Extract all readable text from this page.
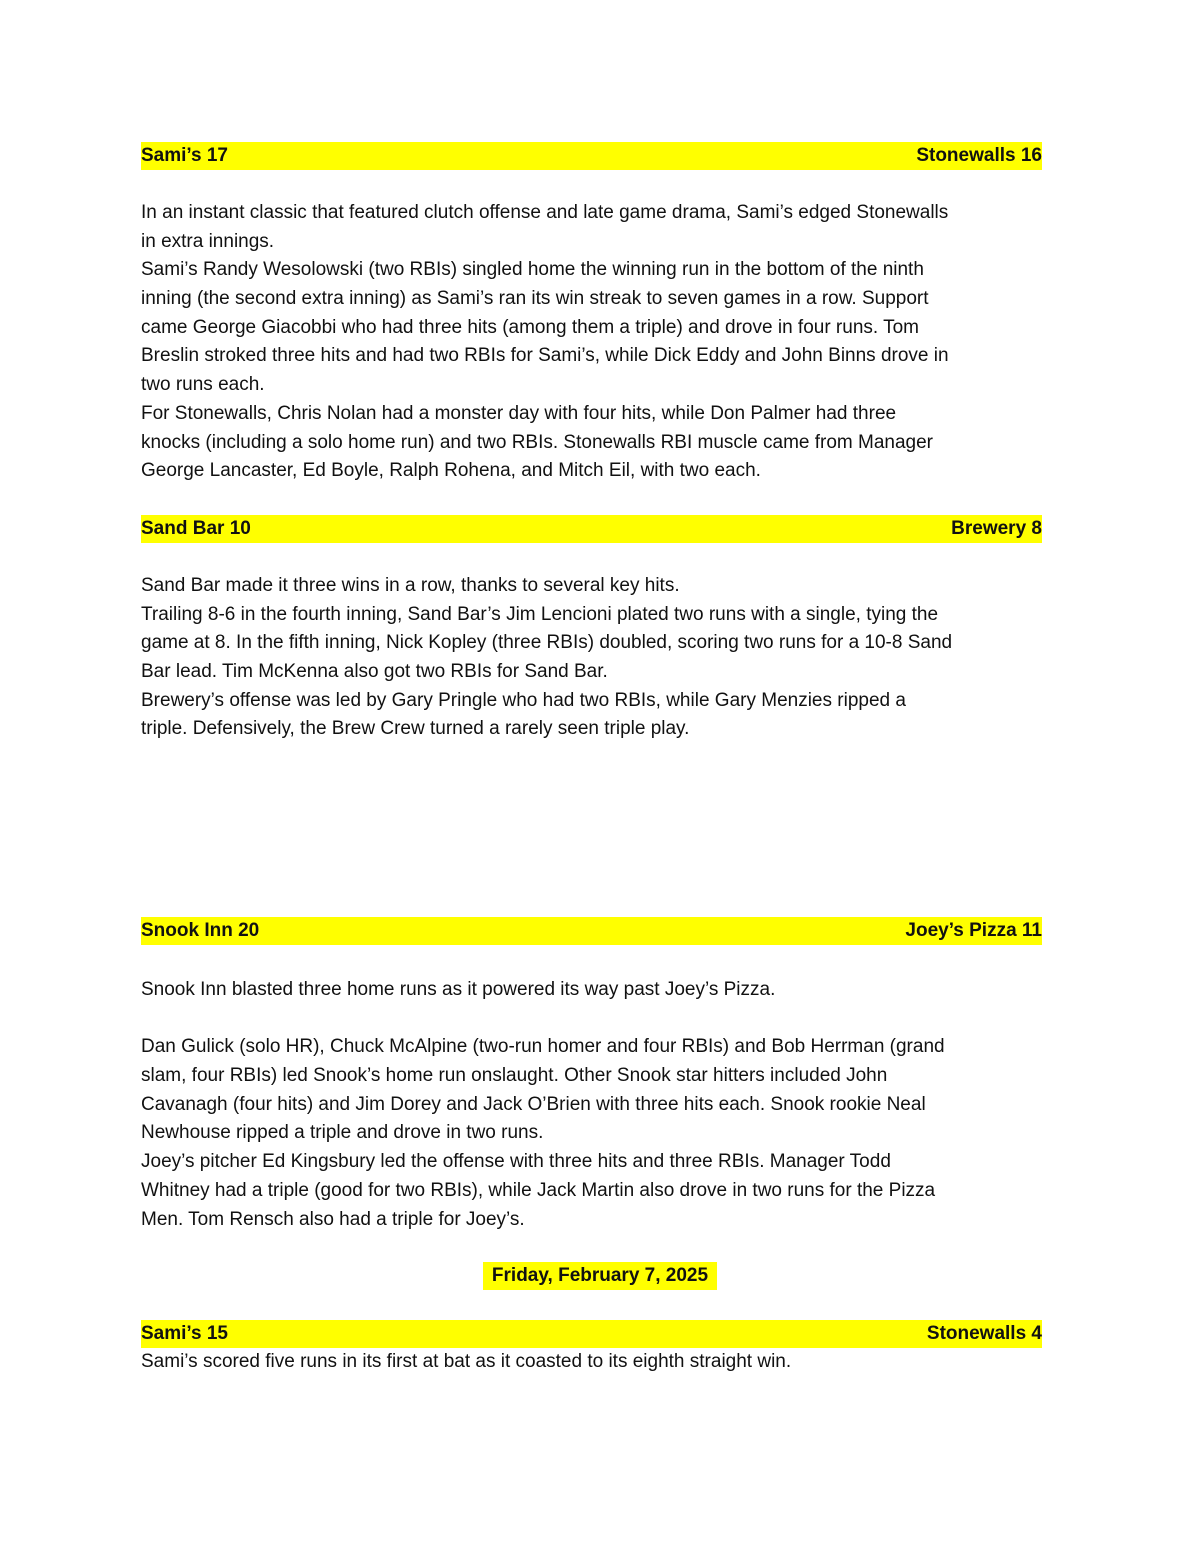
Sami’s 17	Stonewalls 16
In an instant classic that featured clutch offense and late game drama, Sami’s edged Stonewalls
in extra innings.
Sami’s Randy Wesolowski (two RBIs) singled home the winning run in the bottom of the ninth
inning (the second extra inning) as Sami’s ran its win streak to seven games in a row. Support
came George Giacobbi who had three hits (among them a triple) and drove in four runs. Tom
Breslin stroked three hits and had two RBIs for Sami’s, while Dick Eddy and John Binns drove in
two runs each.
For Stonewalls, Chris Nolan had a monster day with four hits, while Don Palmer had three
knocks (including a solo home run) and two RBIs. Stonewalls RBI muscle came from Manager
George Lancaster, Ed Boyle, Ralph Rohena, and Mitch Eil, with two each.
Sand Bar 10	Brewery 8
Sand Bar made it three wins in a row, thanks to several key hits.
Trailing 8-6 in the fourth inning, Sand Bar’s Jim Lencioni plated two runs with a single, tying the
game at 8. In the fifth inning, Nick Kopley (three RBIs) doubled, scoring two runs for a 10-8 Sand
Bar lead. Tim McKenna also got two RBIs for Sand Bar.
Brewery’s offense was led by Gary Pringle who had two RBIs, while Gary Menzies ripped a
triple. Defensively, the Brew Crew turned a rarely seen triple play.
Snook Inn 20	Joey’s Pizza 11
Snook Inn blasted three home runs as it powered its way past Joey’s Pizza.
Dan Gulick (solo HR), Chuck McAlpine (two-run homer and four RBIs) and Bob Herrman (grand
slam, four RBIs) led Snook’s home run onslaught. Other Snook star hitters included John
Cavanagh (four hits) and Jim Dorey and Jack O’Brien with three hits each. Snook rookie Neal
Newhouse ripped a triple and drove in two runs.
Joey’s pitcher Ed Kingsbury led the offense with three hits and three RBIs. Manager Todd
Whitney had a triple (good for two RBIs), while Jack Martin also drove in two runs for the Pizza
Men. Tom Rensch also had a triple for Joey’s.
Friday, February 7, 2025
Sami’s 15	Stonewalls 4
Sami’s scored five runs in its first at bat as it coasted to its eighth straight win.
